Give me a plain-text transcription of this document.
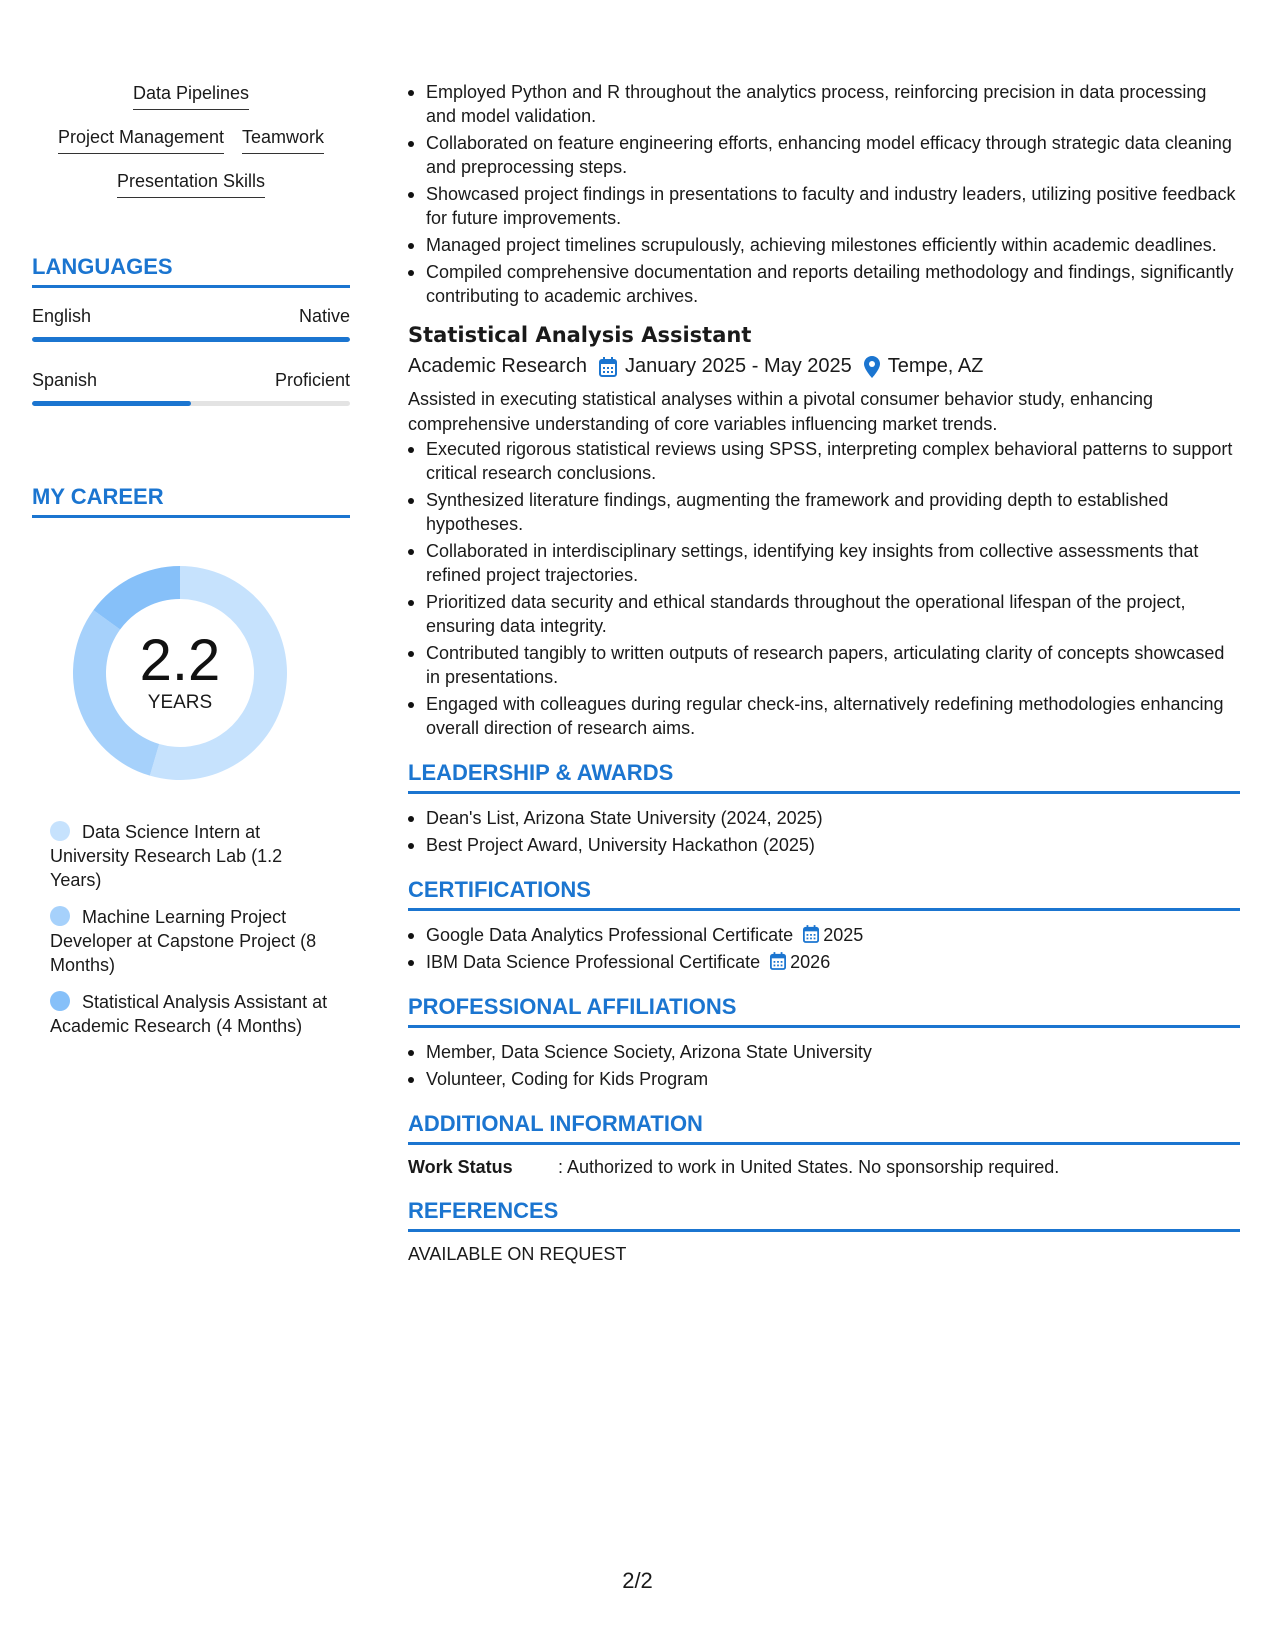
Data Pipelines
Project Management Teamwork
Presentation Skills
LANGUAGES
English	Native
Spanish	Proficient
MY CAREER
2.2
YEARS
Data Science Intern at University Research Lab (1.2 Years)
Machine Learning Project Developer at Capstone Project (8 Months)
Statistical Analysis Assistant at Academic Research (4 Months)
Employed Python and R throughout the analytics process, reinforcing precision in data processing and model validation.
Collaborated on feature engineering efforts, enhancing model efficacy through strategic data cleaning and preprocessing steps.
Showcased project findings in presentations to faculty and industry leaders, utilizing positive feedback for future improvements.
Managed project timelines scrupulously, achieving milestones efficiently within academic deadlines.
Compiled comprehensive documentation and reports detailing methodology and findings, significantly contributing to academic archives.
Statistical Analysis Assistant
Academic Research January 2025 - May 2025 Tempe, AZ
Assisted in executing statistical analyses within a pivotal consumer behavior study, enhancing comprehensive understanding of core variables influencing market trends.
Executed rigorous statistical reviews using SPSS, interpreting complex behavioral patterns to support critical research conclusions.
Synthesized literature findings, augmenting the framework and providing depth to established hypotheses.
Collaborated in interdisciplinary settings, identifying key insights from collective assessments that refined project trajectories.
Prioritized data security and ethical standards throughout the operational lifespan of the project, ensuring data integrity.
Contributed tangibly to written outputs of research papers, articulating clarity of concepts showcased in presentations.
Engaged with colleagues during regular check-ins, alternatively redefining methodologies enhancing overall direction of research aims.
LEADERSHIP & AWARDS
Dean's List, Arizona State University (2024, 2025)
Best Project Award, University Hackathon (2025)
CERTIFICATIONS
Google Data Analytics Professional Certificate 2025
IBM Data Science Professional Certificate 2026
PROFESSIONAL AFFILIATIONS
Member, Data Science Society, Arizona State University
Volunteer, Coding for Kids Program
ADDITIONAL INFORMATION
Work Status	: Authorized to work in United States. No sponsorship required.
REFERENCES
AVAILABLE ON REQUEST
2/2
